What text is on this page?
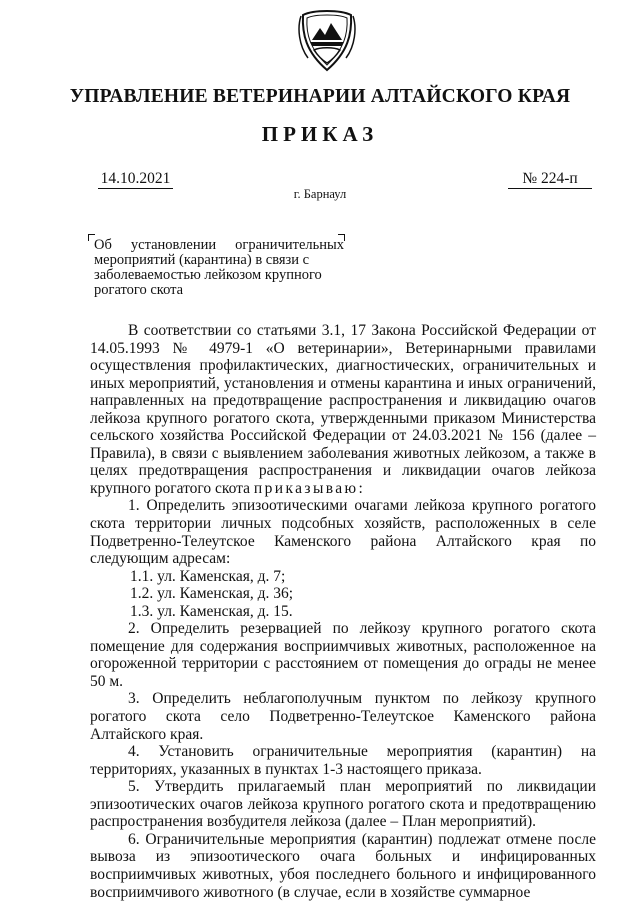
УПРАВЛЕНИЕ ВЕТЕРИНАРИИ АЛТАЙСКОГО КРАЯ
ПРИКАЗ
14.10.2021	№ 224-п
г. Барнаул
Об установлении ограничительных
мероприятий (карантина) в связи с заболеваемостью лейкозом крупного рогатого скота

В соответствии со статьями 3.1, 17 Закона Российской Федерации от 14.05.1993 № 4979-1 «О ветеринарии», Ветеринарными правилами осуществления профилактических, диагностических, ограничительных и иных мероприятий, установления и отмены карантина и иных ограничений, направленных на предотвращение распространения и ликвидацию очагов лейкоза крупного рогатого скота, утвержденными приказом Министерства сельского хозяйства Российской Федерации от 24.03.2021 № 156 (далее – Правила), в связи с выявлением заболевания животных лейкозом, а также в целях предотвращения распространения и ликвидации очагов лейкоза крупного рогатого скота приказываю:

1. Определить эпизоотическими очагами лейкоза крупного рогатого скота территории личных подсобных хозяйств, расположенных в селе Подветренно-Телеутское Каменского района Алтайского края по следующим адресам:

1.1. ул. Каменская, д. 7;

1.2. ул. Каменская, д. 36;

1.3. ул. Каменская, д. 15.

2. Определить резервацией по лейкозу крупного рогатого скота помещение для содержания восприимчивых животных, расположенное на огороженной территории с расстоянием от помещения до ограды не менее 50 м.

3. Определить неблагополучным пунктом по лейкозу крупного рогатого скота село Подветренно-Телеутское Каменского района Алтайского края.

4. Установить ограничительные мероприятия (карантин) на территориях, указанных в пунктах 1-3 настоящего приказа.

5. Утвердить прилагаемый план мероприятий по ликвидации эпизоотических очагов лейкоза крупного рогатого скота и предотвращению распространения возбудителя лейкоза (далее – План мероприятий).

6. Ограничительные мероприятия (карантин) подлежат отмене после вывоза из эпизоотического очага больных и инфицированных восприимчивых животных, убоя последнего больного и инфицированного восприимчивого животного (в случае, если в хозяйстве суммарное
